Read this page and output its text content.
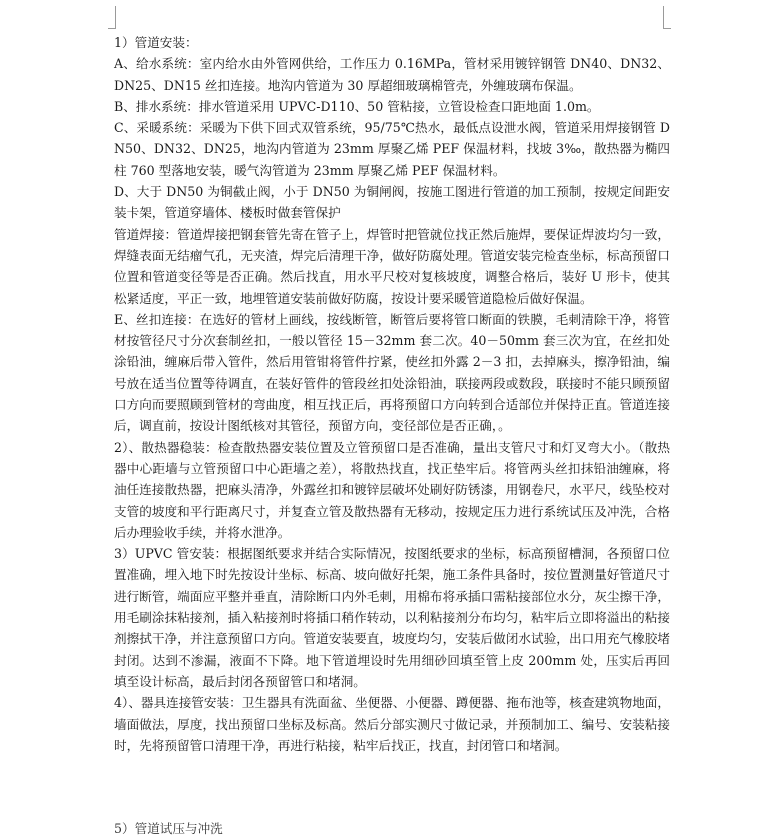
1）管道安装：

A、给水系统：室内给水由外管网供给，工作压力 0.16MPa，管材采用镀锌钢管 DN40、DN32、DN25、DN15 丝扣连接。地沟内管道为 30 厚超细玻璃棉管壳，外缠玻璃布保温。

B、排水系统：排水管道采用 UPVC-D110、50 管粘接，立管设检查口距地面 1.0m。

C、采暖系统：采暖为下供下回式双管系统，95/75℃热水，最低点设泄水阀，管道采用焊接钢管 DN50、DN32、DN25，地沟内管道为 23mm 厚聚乙烯 PEF 保温材料，找坡 3‰，散热器为椭四柱 760 型落地安装，暖气沟管道为 23mm 厚聚乙烯 PEF 保温材料。

D、大于 DN50 为铜截止阀，小于 DN50 为铜闸阀，按施工图进行管道的加工预制，按规定间距安装卡架，管道穿墙体、楼板时做套管保护

管道焊接：管道焊接把钢套管先寄在管子上，焊管时把管就位找正然后施焊，要保证焊波均匀一致，焊缝表面无结瘤气孔，无夹渣，焊完后清理干净，做好防腐处理。管道安装完检查坐标，标高预留口位置和管道变径等是否正确。然后找直，用水平尺校对复核坡度，调整合格后，装好 U 形卡，使其松紧适度，平正一致，地埋管道安装前做好防腐，按设计要采暖管道隐检后做好保温。

E、丝扣连接：在选好的管材上画线，按线断管，断管后要将管口断面的铁膜，毛刺清除干净，将管材按管径尺寸分次套制丝扣，一般以管径 15－32mm 套二次。40－50mm 套三次为宜，在丝扣处涂铅油，缠麻后带入管件，然后用管钳将管件拧紧，使丝扣外露 2－3 扣，去掉麻头，擦净铅油，编号放在适当位置等待调直，在装好管件的管段丝扣处涂铅油，联接两段或数段，联接时不能只顾预留口方向而要照顾到管材的弯曲度，相互找正后，再将预留口方向转到合适部位并保持正直。管道连接后，调直前，按设计图纸核对其管径，预留方向，变径部位是否正确，。

2）、散热器稳装：检查散热器安装位置及立管预留口是否准确，量出支管尺寸和灯叉弯大小。（散热器中心距墙与立管预留口中心距墙之差），将散热找直，找正垫牢后。将管两头丝扣抹铅油缠麻，将油任连接散热器，把麻头清净，外露丝扣和镀锌层破坏处刷好防锈漆，用钢卷尺，水平尺，线坠校对支管的坡度和平行距离尺寸，并复查立管及散热器有无移动，按规定压力进行系统试压及冲洗，合格后办理验收手续，并将水泄净。

3）UPVC 管安装：根据图纸要求并结合实际情况，按图纸要求的坐标，标高预留槽洞，各预留口位置准确，埋入地下时先按设计坐标、标高、坡向做好托架，施工条件具备时，按位置测量好管道尺寸进行断管，端面应平整并垂直，清除断口内外毛刺，用棉布将承插口需粘接部位水分，灰尘擦干净，用毛刷涂抹粘接剂，插入粘接剂时将插口稍作转动，以利粘接剂分布均匀，粘牢后立即将溢出的粘接剂擦拭干净，并注意预留口方向。管道安装要直，坡度均匀，安装后做闭水试验，出口用充气橡胶堵封闭。达到不渗漏，液面不下降。地下管道埋设时先用细砂回填至管上皮 200mm 处，压实后再回填至设计标高，最后封闭各预留管口和堵洞。

4）、器具连接管安装：卫生器具有洗面盆、坐便器、小便器、蹲便器、拖布池等，核查建筑物地面，墙面做法，厚度，找出预留口坐标及标高。然后分部实测尺寸做记录，并预制加工、编号、安装粘接时，先将预留管口清理干净，再进行粘接，粘牢后找正，找直，封闭管口和堵洞。

5）管道试压与冲洗
